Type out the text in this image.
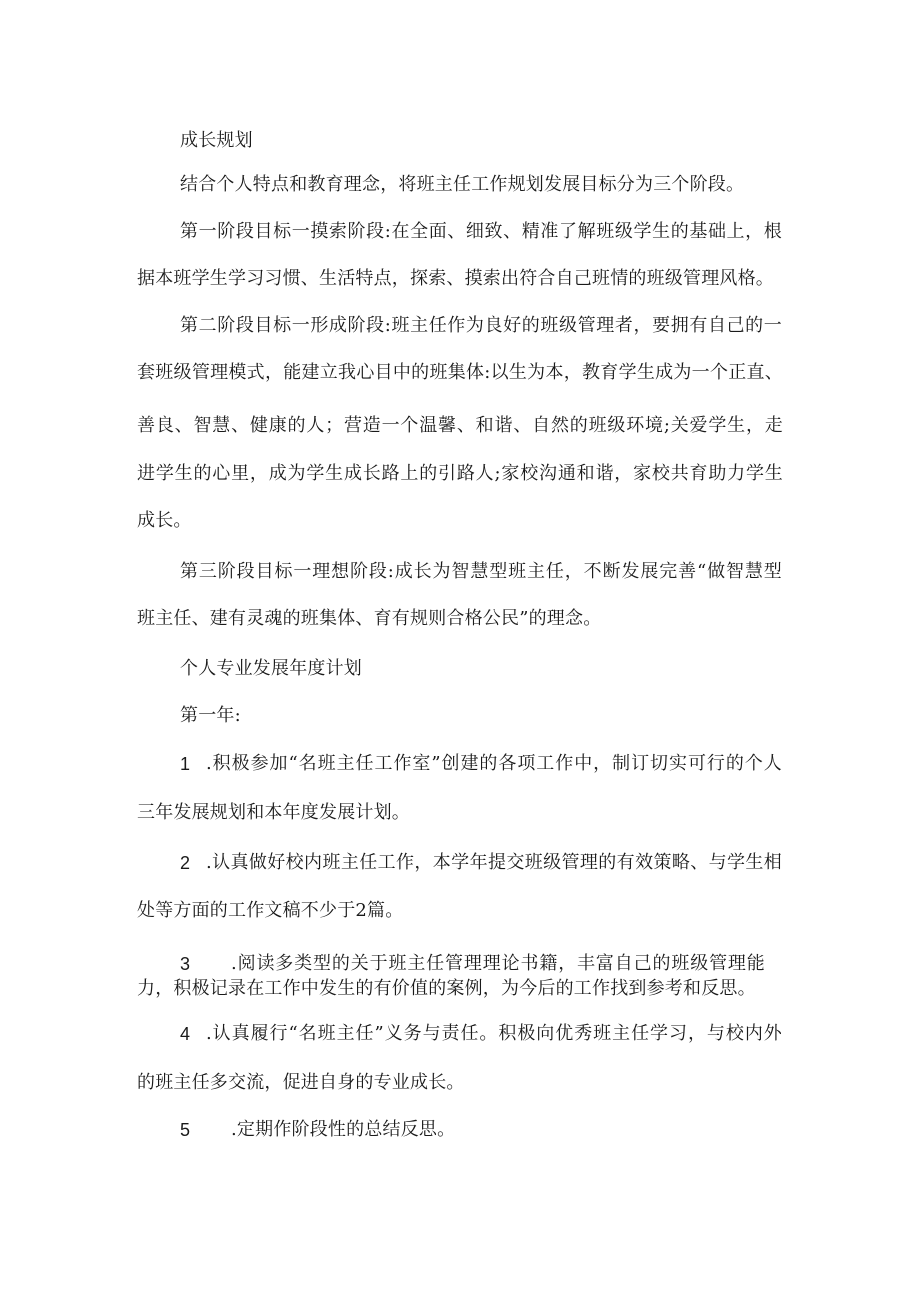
成长规划
结合个人特点和教育理念，将班主任工作规划发展目标分为三个阶段。
第一阶段目标一摸索阶段:在全面、细致、精准了解班级学生的基础上，根
据本班学生学习习惯、生活特点，探索、摸索出符合自己班情的班级管理风格。
第二阶段目标一形成阶段:班主任作为良好的班级管理者，要拥有自己的一
套班级管理模式，能建立我心目中的班集体:以生为本，教育学生成为一个正直、
善良、智慧、健康的人；营造一个温馨、和谐、自然的班级环境;关爱学生，走
进学生的心里，成为学生成长路上的引路人;家校沟通和谐，家校共育助力学生
成长。
第三阶段目标一理想阶段:成长为智慧型班主任，不断发展完善“做智慧型
班主任、建有灵魂的班集体、育有规则合格公民”的理念。
个人专业发展年度计划
第一年:
1 .积极参加“名班主任工作室”创建的各项工作中，制订切实可行的个人
三年发展规划和本年度发展计划。
2 .认真做好校内班主任工作，本学年提交班级管理的有效策略、与学生相
处等方面的工作文稿不少于2篇。
3 .阅读多类型的关于班主任管理理论书籍，丰富自己的班级管理能
力，积极记录在工作中发生的有价值的案例，为今后的工作找到参考和反思。
4 .认真履行“名班主任”义务与责任。积极向优秀班主任学习，与校内外
的班主任多交流，促进自身的专业成长。
5 .定期作阶段性的总结反思。
